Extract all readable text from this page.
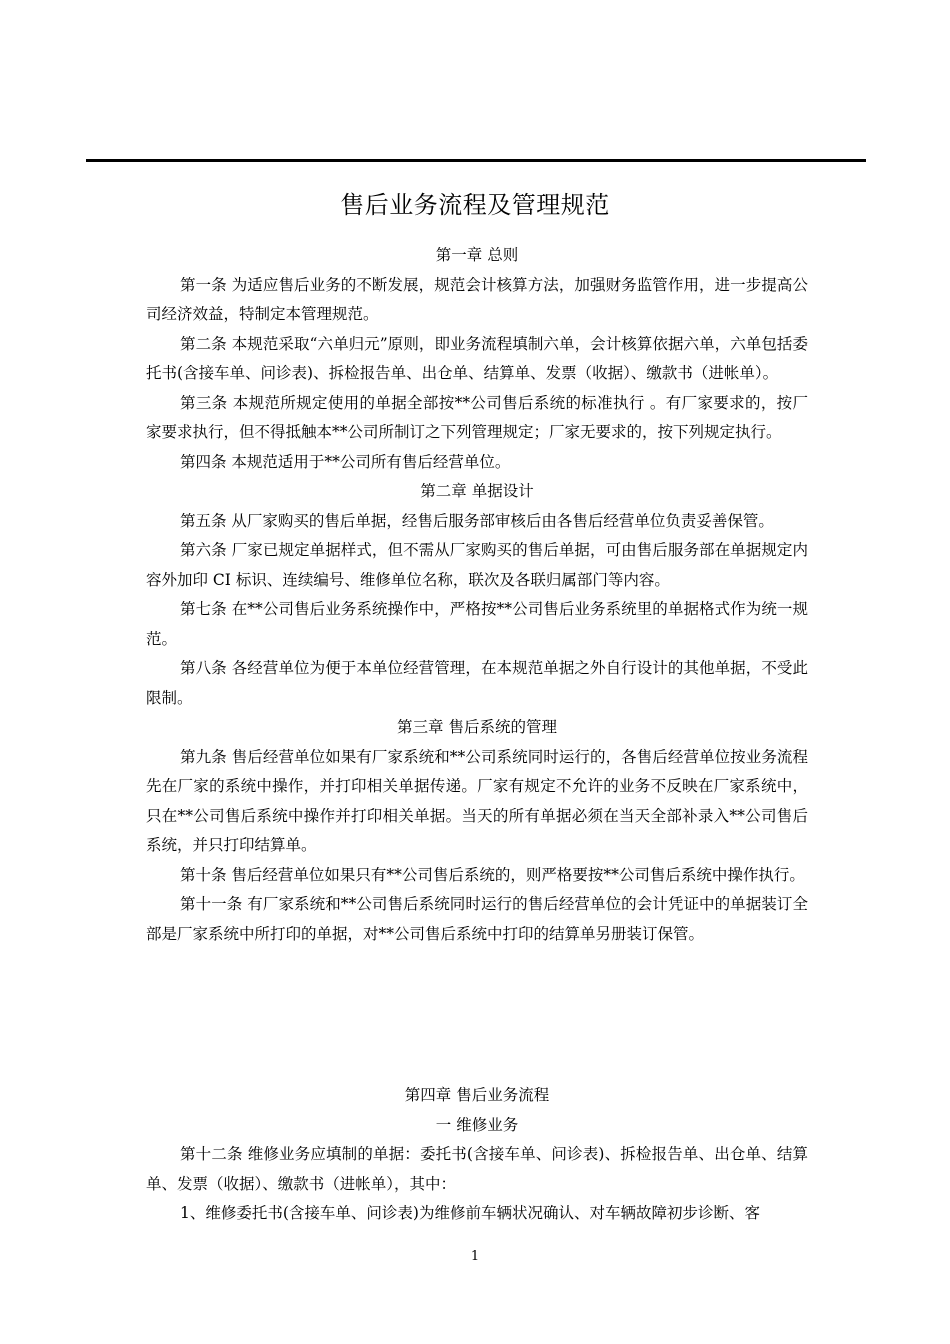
售后业务流程及管理规范
第一章 总则
第一条 为适应售后业务的不断发展，规范会计核算方法，加强财务监管作用，进一步提高公司经济效益，特制定本管理规范。
第二条 本规范采取“六单归元”原则，即业务流程填制六单，会计核算依据六单，六单包括委托书(含接车单、问诊表)、拆检报告单、出仓单、结算单、发票（收据）、缴款书（进帐单）。
第三条 本规范所规定使用的单据全部按**公司售后系统的标准执行 。有厂家要求的，按厂家要求执行，但不得抵触本**公司所制订之下列管理规定；厂家无要求的，按下列规定执行。
第四条 本规范适用于**公司所有售后经营单位。
第二章 单据设计
第五条 从厂家购买的售后单据，经售后服务部审核后由各售后经营单位负责妥善保管。
第六条 厂家已规定单据样式，但不需从厂家购买的售后单据，可由售后服务部在单据规定内容外加印 CI 标识、连续编号、维修单位名称，联次及各联归属部门等内容。
第七条 在**公司售后业务系统操作中，严格按**公司售后业务系统里的单据格式作为统一规范。
第八条 各经营单位为便于本单位经营管理，在本规范单据之外自行设计的其他单据，不受此限制。
第三章 售后系统的管理
第九条 售后经营单位如果有厂家系统和**公司系统同时运行的，各售后经营单位按业务流程先在厂家的系统中操作，并打印相关单据传递。厂家有规定不允许的业务不反映在厂家系统中，只在**公司售后系统中操作并打印相关单据。当天的所有单据必须在当天全部补录入**公司售后系统，并只打印结算单。
第十条 售后经营单位如果只有**公司售后系统的，则严格要按**公司售后系统中操作执行。
第十一条 有厂家系统和**公司售后系统同时运行的售后经营单位的会计凭证中的单据装订全部是厂家系统中所打印的单据，对**公司售后系统中打印的结算单另册装订保管。
第四章 售后业务流程
一 维修业务
第十二条 维修业务应填制的单据：委托书(含接车单、问诊表)、拆检报告单、出仓单、结算单、发票（收据）、缴款书（进帐单），其中：
1、维修委托书(含接车单、问诊表)为维修前车辆状况确认、对车辆故障初步诊断、客
1
